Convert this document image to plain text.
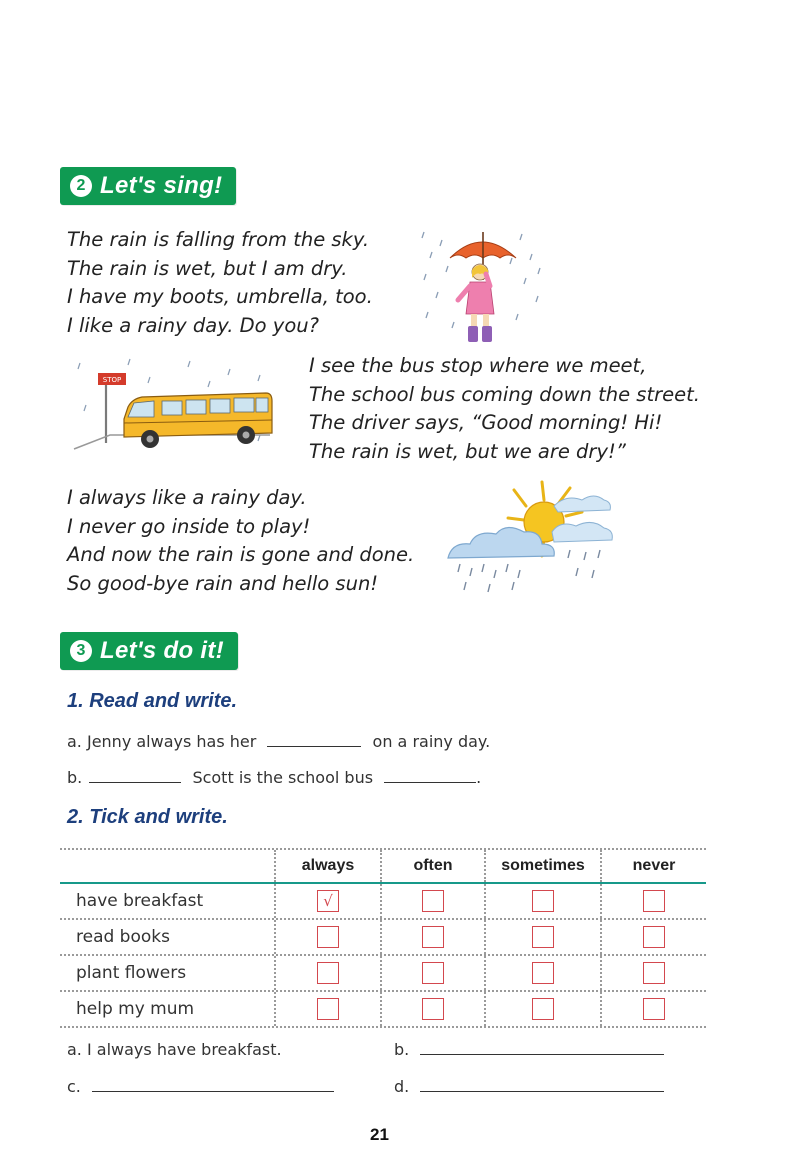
2 Let's sing!
The rain is falling from the sky.
The rain is wet, but I am dry.
I have my boots, umbrella, too.
I like a rainy day. Do you?
STOP
I see the bus stop where we meet,
The school bus coming down the street.
The driver says, “Good morning! Hi!
The rain is wet, but we are dry!”
I always like a rainy day.
I never go inside to play!
And now the rain is gone and done.
So good-bye rain and hello sun!
3 Let's do it!
1. Read and write.
a. Jenny always has her	on a rainy day.
b.	Scott is the school bus	.
2. Tick and write.
always	often	sometimes	never
have breakfast	√
read books
plant flowers
help my mum
a. I always have breakfast.	b.
c.	d.
21
